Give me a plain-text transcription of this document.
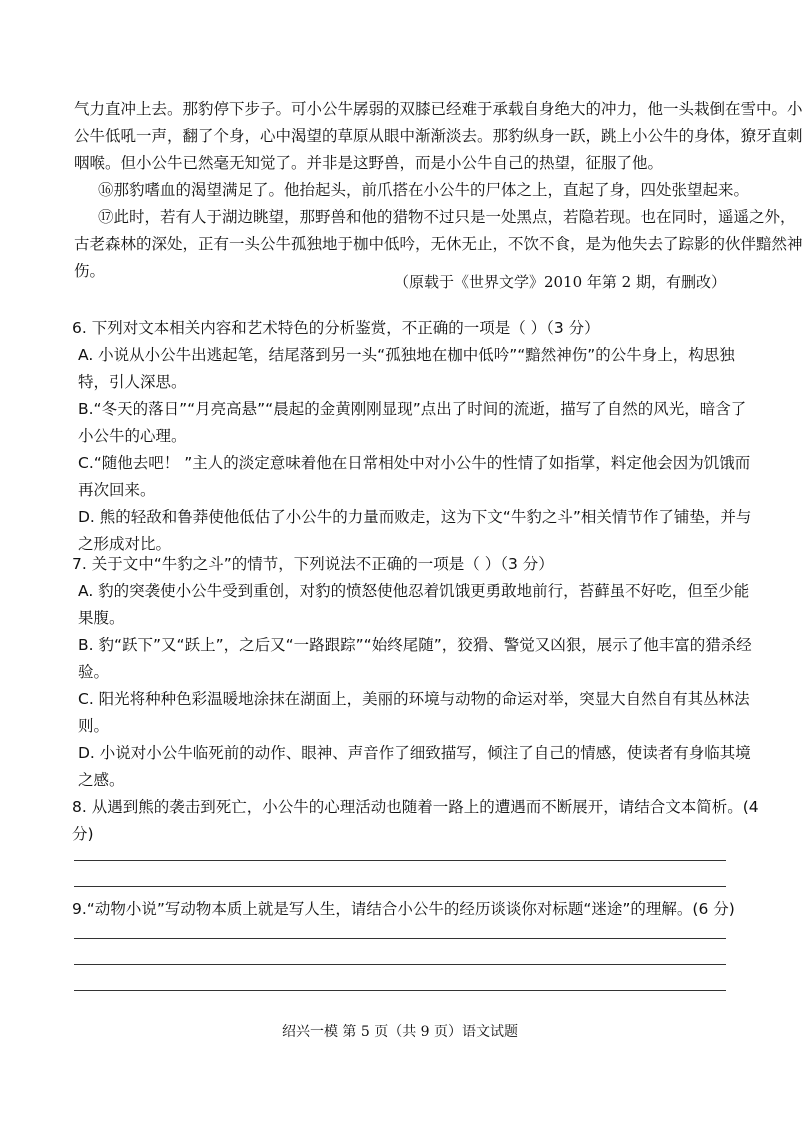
气力直冲上去。那豹停下步子。可小公牛孱弱的双膝已经难于承载自身绝大的冲力，他一头栽倒在雪中。小
公牛低吼一声，翻了个身，心中渴望的草原从眼中渐渐淡去。那豹纵身一跃，跳上小公牛的身体，獠牙直刺
咽喉。但小公牛已然毫无知觉了。并非是这野兽，而是小公牛自己的热望，征服了他。
⑯那豹嗜血的渴望满足了。他抬起头，前爪搭在小公牛的尸体之上，直起了身，四处张望起来。
⑰此时，若有人于湖边眺望，那野兽和他的猎物不过只是一处黑点，若隐若现。也在同时，遥遥之外，
古老森林的深处，正有一头公牛孤独地于枷中低吟，无休无止，不饮不食，是为他失去了踪影的伙伴黯然神
伤。
（原载于《世界文学》2010 年第 2 期，有删改）
6. 下列对文本相关内容和艺术特色的分析鉴赏，不正确的一项是（ ）（3 分）
A. 小说从小公牛出逃起笔，结尾落到另一头“孤独地在枷中低吟”“黯然神伤”的公牛身上，构思独
特，引人深思。
B.“冬天的落日”“月亮高悬”“晨起的金黄刚刚显现”点出了时间的流逝，描写了自然的风光，暗含了
小公牛的心理。
C.“随他去吧！ ”主人的淡定意味着他在日常相处中对小公牛的性情了如指掌，料定他会因为饥饿而
再次回来。
D. 熊的轻敌和鲁莽使他低估了小公牛的力量而败走，这为下文“牛豹之斗”相关情节作了铺垫，并与
之形成对比。
7. 关于文中“牛豹之斗”的情节，下列说法不正确的一项是（ ）（3 分）
A. 豹的突袭使小公牛受到重创，对豹的愤怒使他忍着饥饿更勇敢地前行，苔藓虽不好吃，但至少能
果腹。
B. 豹“跃下”又“跃上”，之后又“一路跟踪”“始终尾随”，狡猾、警觉又凶狠，展示了他丰富的猎杀经
验。
C. 阳光将种种色彩温暖地涂抹在湖面上，美丽的环境与动物的命运对举，突显大自然自有其丛林法
则。
D. 小说对小公牛临死前的动作、眼神、声音作了细致描写，倾注了自己的情感，使读者有身临其境
之感。
8. 从遇到熊的袭击到死亡，小公牛的心理活动也随着一路上的遭遇而不断展开，请结合文本简析。(4
分)
9.“动物小说”写动物本质上就是写人生，请结合小公牛的经历谈谈你对标题“迷途”的理解。(6 分)
绍兴一模 第 5 页（共 9 页）语文试题
